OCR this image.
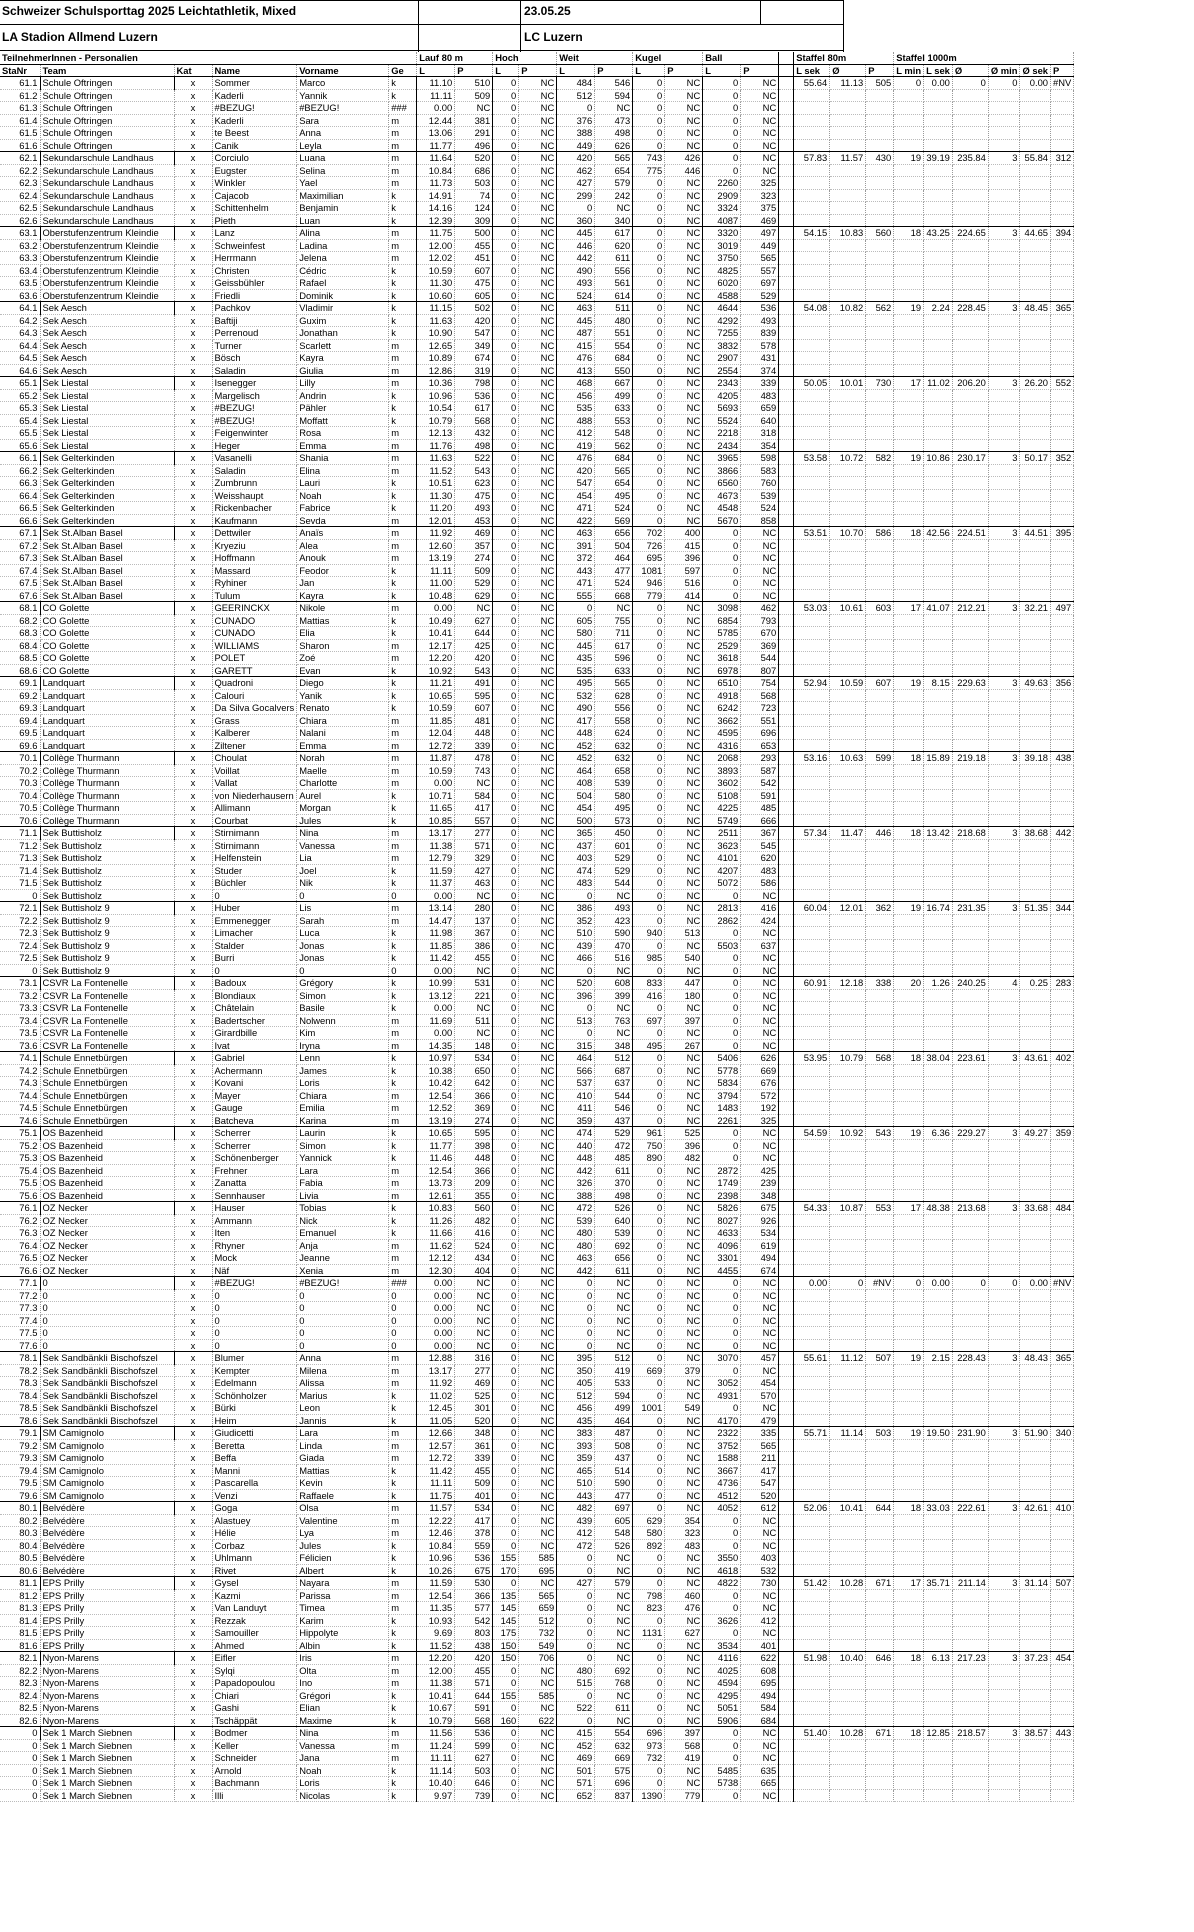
Schweizer Schulsporttag 2025 Leichtathletik, Mixed	23.05.25
LA Stadion Allmend Luzern	LC Luzern
TeilnehmerInnen - Personalien						Lauf 80 m		Hoch		Weit		Kugel		Ball			Staffel 80m			Staffel 1000m					
StaNr	Team	Kat	Name	Vorname	Ge	L	P	L	P	L	P	L	P	L	P		L sek	Ø	P	L min	L sek	Ø	Ø min	Ø sek	P
61.1	Schule Oftringen	x	Sommer	Marco	k	11.10	510	0	NC	484	546	0	NC	0	NC		55.64	11.13	505	0	0.00	0	0	0.00	#NV
61.2	Schule Oftringen	x	Kaderli	Yannik	k	11.11	509	0	NC	512	594	0	NC	0	NC										
61.3	Schule Oftringen	x	#BEZUG!	#BEZUG!	###	0.00	NC	0	NC	0	NC	0	NC	0	NC										
61.4	Schule Oftringen	x	Kaderli	Sara	m	12.44	381	0	NC	376	473	0	NC	0	NC										
61.5	Schule Oftringen	x	te Beest	Anna	m	13.06	291	0	NC	388	498	0	NC	0	NC										
61.6	Schule Oftringen	x	Canik	Leyla	m	11.77	496	0	NC	449	626	0	NC	0	NC										
62.1	Sekundarschule Landhaus	x	Corciulo	Luana	m	11.64	520	0	NC	420	565	743	426	0	NC		57.83	11.57	430	19	39.19	235.84	3	55.84	312
62.2	Sekundarschule Landhaus	x	Eugster	Selina	m	10.84	686	0	NC	462	654	775	446	0	NC										
62.3	Sekundarschule Landhaus	x	Winkler	Yael	m	11.73	503	0	NC	427	579	0	NC	2260	325										
62.4	Sekundarschule Landhaus	x	Cajacob	Maximilian	k	14.91	74	0	NC	299	242	0	NC	2909	323										
62.5	Sekundarschule Landhaus	x	Schittenhelm	Benjamin	k	14.16	124	0	NC	0	NC	0	NC	3324	375										
62.6	Sekundarschule Landhaus	x	Pieth	Luan	k	12.39	309	0	NC	360	340	0	NC	4087	469										
63.1	Oberstufenzentrum Kleindie	x	Lanz	Alina	m	11.75	500	0	NC	445	617	0	NC	3320	497		54.15	10.83	560	18	43.25	224.65	3	44.65	394
63.2	Oberstufenzentrum Kleindie	x	Schweinfest	Ladina	m	12.00	455	0	NC	446	620	0	NC	3019	449										
63.3	Oberstufenzentrum Kleindie	x	Herrmann	Jelena	m	12.02	451	0	NC	442	611	0	NC	3750	565										
63.4	Oberstufenzentrum Kleindie	x	Christen	Cédric	k	10.59	607	0	NC	490	556	0	NC	4825	557										
63.5	Oberstufenzentrum Kleindie	x	Geissbühler	Rafael	k	11.30	475	0	NC	493	561	0	NC	6020	697										
63.6	Oberstufenzentrum Kleindie	x	Friedli	Dominik	k	10.60	605	0	NC	524	614	0	NC	4588	529										
64.1	Sek Aesch	x	Pachkov	Vladimir	k	11.15	502	0	NC	463	511	0	NC	4644	536		54.08	10.82	562	19	2.24	228.45	3	48.45	365
64.2	Sek Aesch	x	Baftiji	Guxim	k	11.63	420	0	NC	445	480	0	NC	4292	493										
64.3	Sek Aesch	x	Perrenoud	Jonathan	k	10.90	547	0	NC	487	551	0	NC	7255	839										
64.4	Sek Aesch	x	Turner	Scarlett	m	12.65	349	0	NC	415	554	0	NC	3832	578										
64.5	Sek Aesch	x	Bösch	Kayra	m	10.89	674	0	NC	476	684	0	NC	2907	431										
64.6	Sek Aesch	x	Saladin	Giulia	m	12.86	319	0	NC	413	550	0	NC	2554	374										
65.1	Sek Liestal	x	Isenegger	Lilly	m	10.36	798	0	NC	468	667	0	NC	2343	339		50.05	10.01	730	17	11.02	206.20	3	26.20	552
65.2	Sek Liestal	x	Margelisch	Andrin	k	10.96	536	0	NC	456	499	0	NC	4205	483										
65.3	Sek Liestal	x	#BEZUG!	Pähler	k	10.54	617	0	NC	535	633	0	NC	5693	659										
65.4	Sek Liestal	x	#BEZUG!	Moffatt	k	10.79	568	0	NC	488	553	0	NC	5524	640										
65.5	Sek Liestal	x	Feigenwinter	Rosa	m	12.13	432	0	NC	412	548	0	NC	2218	318										
65.6	Sek Liestal	x	Heger	Emma	m	11.76	498	0	NC	419	562	0	NC	2434	354										
66.1	Sek Gelterkinden	x	Vasanelli	Shania	m	11.63	522	0	NC	476	684	0	NC	3965	598		53.58	10.72	582	19	10.86	230.17	3	50.17	352
66.2	Sek Gelterkinden	x	Saladin	Elina	m	11.52	543	0	NC	420	565	0	NC	3866	583										
66.3	Sek Gelterkinden	x	Zumbrunn	Lauri	k	10.51	623	0	NC	547	654	0	NC	6560	760										
66.4	Sek Gelterkinden	x	Weisshaupt	Noah	k	11.30	475	0	NC	454	495	0	NC	4673	539										
66.5	Sek Gelterkinden	x	Rickenbacher	Fabrice	k	11.20	493	0	NC	471	524	0	NC	4548	524										
66.6	Sek Gelterkinden	x	Kaufmann	Sevda	m	12.01	453	0	NC	422	569	0	NC	5670	858										
67.1	Sek St.Alban Basel	x	Dettwiler	Anaïs	m	11.92	469	0	NC	463	656	702	400	0	NC		53.51	10.70	586	18	42.56	224.51	3	44.51	395
67.2	Sek St.Alban Basel	x	Kryeziu	Alea	m	12.60	357	0	NC	391	504	726	415	0	NC										
67.3	Sek St.Alban Basel	x	Hoffmann	Anouk	m	13.19	274	0	NC	372	464	695	396	0	NC										
67.4	Sek St.Alban Basel	x	Massard	Feodor	k	11.11	509	0	NC	443	477	1081	597	0	NC										
67.5	Sek St.Alban Basel	x	Ryhiner	Jan	k	11.00	529	0	NC	471	524	946	516	0	NC										
67.6	Sek St.Alban Basel	x	Tulum	Kayra	k	10.48	629	0	NC	555	668	779	414	0	NC										
68.1	CO Golette	x	GEERINCKX	Nikole	m	0.00	NC	0	NC	0	NC	0	NC	3098	462		53.03	10.61	603	17	41.07	212.21	3	32.21	497
68.2	CO Golette	x	CUNADO	Mattias	k	10.49	627	0	NC	605	755	0	NC	6854	793										
68.3	CO Golette	x	CUNADO	Elia	k	10.41	644	0	NC	580	711	0	NC	5785	670										
68.4	CO Golette	x	WILLIAMS	Sharon	m	12.17	425	0	NC	445	617	0	NC	2529	369										
68.5	CO Golette	x	POLET	Zoé	m	12.20	420	0	NC	435	596	0	NC	3618	544										
68.6	CO Golette	x	GARETT	Evan	k	10.92	543	0	NC	535	633	0	NC	6978	807										
69.1	Landquart	x	Quadroni	Diego	k	11.21	491	0	NC	495	565	0	NC	6510	754		52.94	10.59	607	19	8.15	229.63	3	49.63	356
69.2	Landquart	x	Calouri	Yanik	k	10.65	595	0	NC	532	628	0	NC	4918	568										
69.3	Landquart	x	Da Silva Gocalvers	Renato	k	10.59	607	0	NC	490	556	0	NC	6242	723										
69.4	Landquart	x	Grass	Chiara	m	11.85	481	0	NC	417	558	0	NC	3662	551										
69.5	Landquart	x	Kalberer	Nalani	m	12.04	448	0	NC	448	624	0	NC	4595	696										
69.6	Landquart	x	Ziltener	Emma	m	12.72	339	0	NC	452	632	0	NC	4316	653										
70.1	Collège Thurmann	x	Choulat	Norah	m	11.87	478	0	NC	452	632	0	NC	2068	293		53.16	10.63	599	18	15.89	219.18	3	39.18	438
70.2	Collège Thurmann	x	Voillat	Maelle	m	10.59	743	0	NC	464	658	0	NC	3893	587										
70.3	Collège Thurmann	x	Vallat	Charlotte	m	0.00	NC	0	NC	408	539	0	NC	3602	542										
70.4	Collège Thurmann	x	von Niederhausern	Aurel	k	10.71	584	0	NC	504	580	0	NC	5108	591										
70.5	Collège Thurmann	x	Allimann	Morgan	k	11.65	417	0	NC	454	495	0	NC	4225	485										
70.6	Collège Thurmann	x	Courbat	Jules	k	10.85	557	0	NC	500	573	0	NC	5749	666										
71.1	Sek Buttisholz	x	Stirnimann	Nina	m	13.17	277	0	NC	365	450	0	NC	2511	367		57.34	11.47	446	18	13.42	218.68	3	38.68	442
71.2	Sek Buttisholz	x	Stirnimann	Vanessa	m	11.38	571	0	NC	437	601	0	NC	3623	545										
71.3	Sek Buttisholz	x	Helfenstein	Lia	m	12.79	329	0	NC	403	529	0	NC	4101	620										
71.4	Sek Buttisholz	x	Studer	Joel	k	11.59	427	0	NC	474	529	0	NC	4207	483										
71.5	Sek Buttisholz	x	Büchler	Nik	k	11.37	463	0	NC	483	544	0	NC	5072	586										
0	Sek Buttisholz	x	0	0	0	0.00	NC	0	NC	0	NC	0	NC	0	NC										
72.1	Sek Buttisholz 9	x	Huber	Lis	m	13.14	280	0	NC	386	493	0	NC	2813	416		60.04	12.01	362	19	16.74	231.35	3	51.35	344
72.2	Sek Buttisholz 9	x	Emmenegger	Sarah	m	14.47	137	0	NC	352	423	0	NC	2862	424										
72.3	Sek Buttisholz 9	x	Limacher	Luca	k	11.98	367	0	NC	510	590	940	513	0	NC										
72.4	Sek Buttisholz 9	x	Stalder	Jonas	k	11.85	386	0	NC	439	470	0	NC	5503	637										
72.5	Sek Buttisholz 9	x	Burri	Jonas	k	11.42	455	0	NC	466	516	985	540	0	NC										
0	Sek Buttisholz 9	x	0	0	0	0.00	NC	0	NC	0	NC	0	NC	0	NC										
73.1	CSVR La Fontenelle	x	Badoux	Grégory	k	10.99	531	0	NC	520	608	833	447	0	NC		60.91	12.18	338	20	1.26	240.25	4	0.25	283
73.2	CSVR La Fontenelle	x	Blondiaux	Simon	k	13.12	221	0	NC	396	399	416	180	0	NC										
73.3	CSVR La Fontenelle	x	Châtelain	Basile	k	0.00	NC	0	NC	0	NC	0	NC	0	NC										
73.4	CSVR La Fontenelle	x	Badertscher	Nolwenn	m	11.69	511	0	NC	513	763	697	397	0	NC										
73.5	CSVR La Fontenelle	x	Girardbille	Kim	m	0.00	NC	0	NC	0	NC	0	NC	0	NC										
73.6	CSVR La Fontenelle	x	Ivat	Iryna	m	14.35	148	0	NC	315	348	495	267	0	NC										
74.1	Schule Ennetbürgen	x	Gabriel	Lenn	k	10.97	534	0	NC	464	512	0	NC	5406	626		53.95	10.79	568	18	38.04	223.61	3	43.61	402
74.2	Schule Ennetbürgen	x	Achermann	James	k	10.38	650	0	NC	566	687	0	NC	5778	669										
74.3	Schule Ennetbürgen	x	Kovani	Loris	k	10.42	642	0	NC	537	637	0	NC	5834	676										
74.4	Schule Ennetbürgen	x	Mayer	Chiara	m	12.54	366	0	NC	410	544	0	NC	3794	572										
74.5	Schule Ennetbürgen	x	Gauge	Emilia	m	12.52	369	0	NC	411	546	0	NC	1483	192										
74.6	Schule Ennetbürgen	x	Batcheva	Karina	m	13.19	274	0	NC	359	437	0	NC	2261	325										
75.1	OS Bazenheid	x	Scherrer	Laurin	k	10.65	595	0	NC	474	529	961	525	0	NC		54.59	10.92	543	19	6.36	229.27	3	49.27	359
75.2	OS Bazenheid	x	Scherrer	Simon	k	11.77	398	0	NC	440	472	750	396	0	NC										
75.3	OS Bazenheid	x	Schönenberger	Yannick	k	11.46	448	0	NC	448	485	890	482	0	NC										
75.4	OS Bazenheid	x	Frehner	Lara	m	12.54	366	0	NC	442	611	0	NC	2872	425										
75.5	OS Bazenheid	x	Zanatta	Fabia	m	13.73	209	0	NC	326	370	0	NC	1749	239										
75.6	OS Bazenheid	x	Sennhauser	Livia	m	12.61	355	0	NC	388	498	0	NC	2398	348										
76.1	OZ Necker	x	Hauser	Tobias	k	10.83	560	0	NC	472	526	0	NC	5826	675		54.33	10.87	553	17	48.38	213.68	3	33.68	484
76.2	OZ Necker	x	Ammann	Nick	k	11.26	482	0	NC	539	640	0	NC	8027	926										
76.3	OZ Necker	x	Iten	Emanuel	k	11.66	416	0	NC	480	539	0	NC	4633	534										
76.4	OZ Necker	x	Rhyner	Anja	m	11.62	524	0	NC	480	692	0	NC	4096	619										
76.5	OZ Necker	x	Mock	Jeanne	m	12.12	434	0	NC	463	656	0	NC	3301	494										
76.6	OZ Necker	x	Näf	Xenia	m	12.30	404	0	NC	442	611	0	NC	4455	674										
77.1	0	x	#BEZUG!	#BEZUG!	###	0.00	NC	0	NC	0	NC	0	NC	0	NC		0.00	0	#NV	0	0.00	0	0	0.00	#NV
77.2	0	x	0	0	0	0.00	NC	0	NC	0	NC	0	NC	0	NC										
77.3	0	x	0	0	0	0.00	NC	0	NC	0	NC	0	NC	0	NC										
77.4	0	x	0	0	0	0.00	NC	0	NC	0	NC	0	NC	0	NC										
77.5	0	x	0	0	0	0.00	NC	0	NC	0	NC	0	NC	0	NC										
77.6	0	x	0	0	0	0.00	NC	0	NC	0	NC	0	NC	0	NC										
78.1	Sek Sandbänkli Bischofszel	x	Blumer	Anna	m	12.88	316	0	NC	395	512	0	NC	3070	457		55.61	11.12	507	19	2.15	228.43	3	48.43	365
78.2	Sek Sandbänkli Bischofszel	x	Kempter	Milena	m	13.17	277	0	NC	350	419	669	379	0	NC										
78.3	Sek Sandbänkli Bischofszel	x	Edelmann	Alissa	m	11.92	469	0	NC	405	533	0	NC	3052	454										
78.4	Sek Sandbänkli Bischofszel	x	Schönholzer	Marius	k	11.02	525	0	NC	512	594	0	NC	4931	570										
78.5	Sek Sandbänkli Bischofszel	x	Bürki	Leon	k	12.45	301	0	NC	456	499	1001	549	0	NC										
78.6	Sek Sandbänkli Bischofszel	x	Heim	Jannis	k	11.05	520	0	NC	435	464	0	NC	4170	479										
79.1	SM Camignolo	x	Giudicetti	Lara	m	12.66	348	0	NC	383	487	0	NC	2322	335		55.71	11.14	503	19	19.50	231.90	3	51.90	340
79.2	SM Camignolo	x	Beretta	Linda	m	12.57	361	0	NC	393	508	0	NC	3752	565										
79.3	SM Camignolo	x	Beffa	Giada	m	12.72	339	0	NC	359	437	0	NC	1588	211										
79.4	SM Camignolo	x	Manni	Mattias	k	11.42	455	0	NC	465	514	0	NC	3667	417										
79.5	SM Camignolo	x	Pascarella	Kevin	k	11.11	509	0	NC	510	590	0	NC	4736	547										
79.6	SM Camignolo	x	Venzi	Raffaele	k	11.75	401	0	NC	443	477	0	NC	4512	520										
80.1	Belvédère	x	Goga	Olsa	m	11.57	534	0	NC	482	697	0	NC	4052	612		52.06	10.41	644	18	33.03	222.61	3	42.61	410
80.2	Belvédère	x	Alastuey	Valentine	m	12.22	417	0	NC	439	605	629	354	0	NC										
80.3	Belvédère	x	Hélie	Lya	m	12.46	378	0	NC	412	548	580	323	0	NC										
80.4	Belvédère	x	Corbaz	Jules	k	10.84	559	0	NC	472	526	892	483	0	NC										
80.5	Belvédère	x	Uhlmann	Félicien	k	10.96	536	155	585	0	NC	0	NC	3550	403										
80.6	Belvédère	x	Rivet	Albert	k	10.26	675	170	695	0	NC	0	NC	4618	532										
81.1	EPS Prilly	x	Gysel	Nayara	m	11.59	530	0	NC	427	579	0	NC	4822	730		51.42	10.28	671	17	35.71	211.14	3	31.14	507
81.2	EPS Prilly	x	Kazmi	Parissa	m	12.54	366	135	565	0	NC	798	460	0	NC										
81.3	EPS Prilly	x	Van Landuyt	Timea	m	11.35	577	145	659	0	NC	823	476	0	NC										
81.4	EPS Prilly	x	Rezzak	Karim	k	10.93	542	145	512	0	NC	0	NC	3626	412										
81.5	EPS Prilly	x	Samouiller	Hippolyte	k	9.69	803	175	732	0	NC	1131	627	0	NC										
81.6	EPS Prilly	x	Ahmed	Albin	k	11.52	438	150	549	0	NC	0	NC	3534	401										
82.1	Nyon-Marens	x	Eifler	Iris	m	12.20	420	150	706	0	NC	0	NC	4116	622		51.98	10.40	646	18	6.13	217.23	3	37.23	454
82.2	Nyon-Marens	x	Sylqi	Olta	m	12.00	455	0	NC	480	692	0	NC	4025	608										
82.3	Nyon-Marens	x	Papadopoulou	Ino	m	11.38	571	0	NC	515	768	0	NC	4594	695										
82.4	Nyon-Marens	x	Chiari	Grégori	k	10.41	644	155	585	0	NC	0	NC	4295	494										
82.5	Nyon-Marens	x	Gashi	Elian	k	10.67	591	0	NC	522	611	0	NC	5051	584										
82.6	Nyon-Marens	x	Tschäppät	Maxime	k	10.79	568	160	622	0	NC	0	NC	5906	684										
0	Sek 1 March Siebnen	x	Bodmer	Nina	m	11.56	536	0	NC	415	554	696	397	0	NC		51.40	10.28	671	18	12.85	218.57	3	38.57	443
0	Sek 1 March Siebnen	x	Keller	Vanessa	m	11.24	599	0	NC	452	632	973	568	0	NC										
0	Sek 1 March Siebnen	x	Schneider	Jana	m	11.11	627	0	NC	469	669	732	419	0	NC										
0	Sek 1 March Siebnen	x	Arnold	Noah	k	11.14	503	0	NC	501	575	0	NC	5485	635										
0	Sek 1 March Siebnen	x	Bachmann	Loris	k	10.40	646	0	NC	571	696	0	NC	5738	665										
0	Sek 1 March Siebnen	x	Illi	Nicolas	k	9.97	739	0	NC	652	837	1390	779	0	NC										
